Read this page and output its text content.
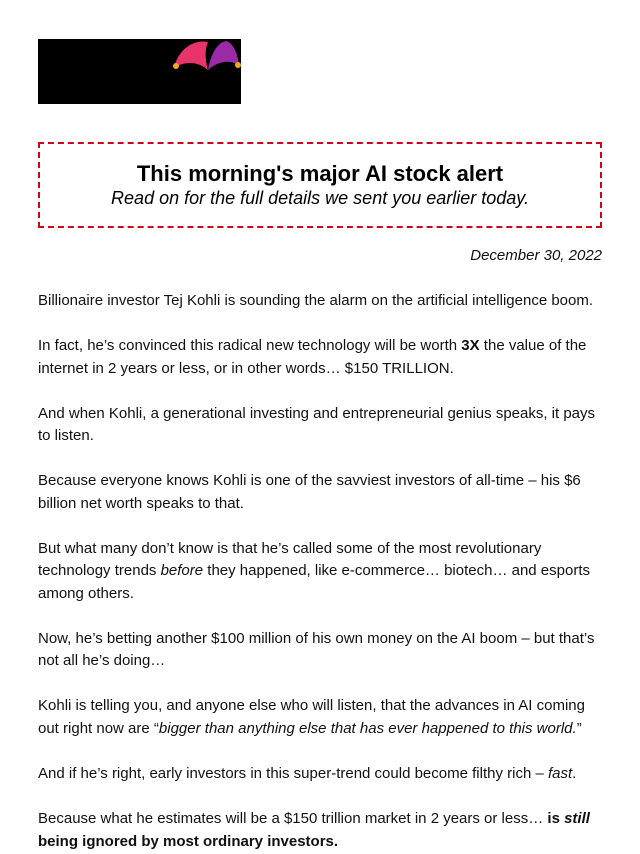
This morning's major AI stock alert
Read on for the full details we sent you earlier today.
December 30, 2022

Billionaire investor Tej Kohli is sounding the alarm on the artificial intelligence boom.

In fact, he’s convinced this radical new technology will be worth 3X the value of the internet in 2 years or less, or in other words… $150 TRILLION.

And when Kohli, a generational investing and entrepreneurial genius speaks, it pays to listen.

Because everyone knows Kohli is one of the savviest investors of all-time – his $6 billion net worth speaks to that.

But what many don’t know is that he’s called some of the most revolutionary technology trends before they happened, like e-commerce… biotech… and esports among others.

Now, he’s betting another $100 million of his own money on the AI boom – but that’s not all he’s doing…

Kohli is telling you, and anyone else who will listen, that the advances in AI coming out right now are “bigger than anything else that has ever happened to this world.”

And if he’s right, early investors in this super-trend could become filthy rich – fast.

Because what he estimates will be a $150 trillion market in 2 years or less… is still being ignored by most ordinary investors.
